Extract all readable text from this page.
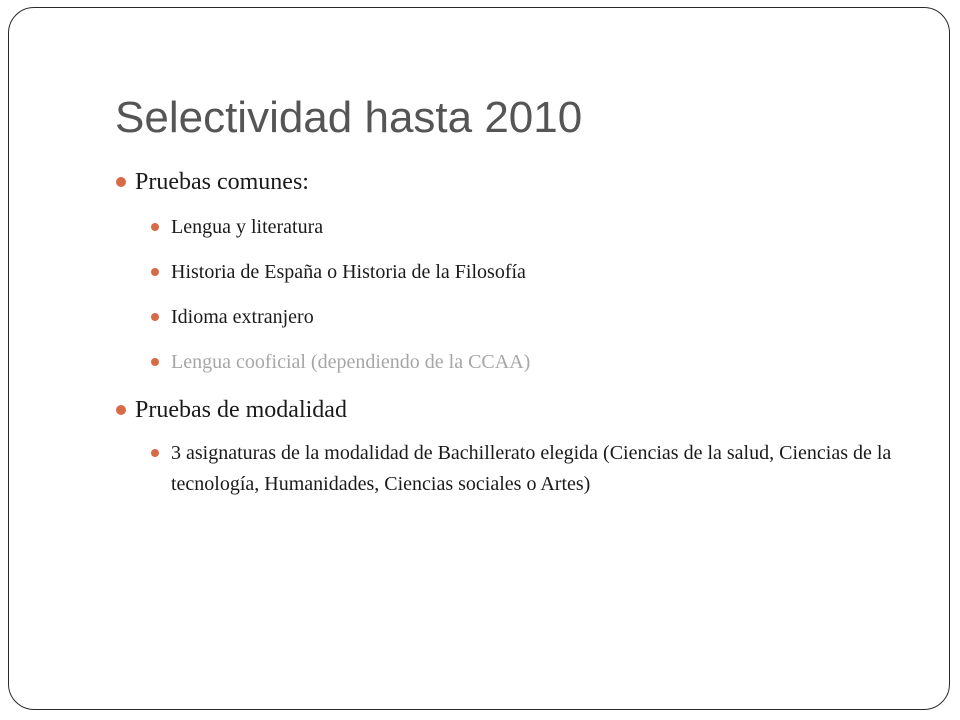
Selectividad hasta 2010

Pruebas comunes:

Lengua y literatura

Historia de España o Historia de la Filosofía

Idioma extranjero

Lengua cooficial (dependiendo de la CCAA)

Pruebas de modalidad

3 asignaturas de la modalidad de Bachillerato elegida (Ciencias de la salud, Ciencias de la tecnología, Humanidades, Ciencias sociales o Artes)
